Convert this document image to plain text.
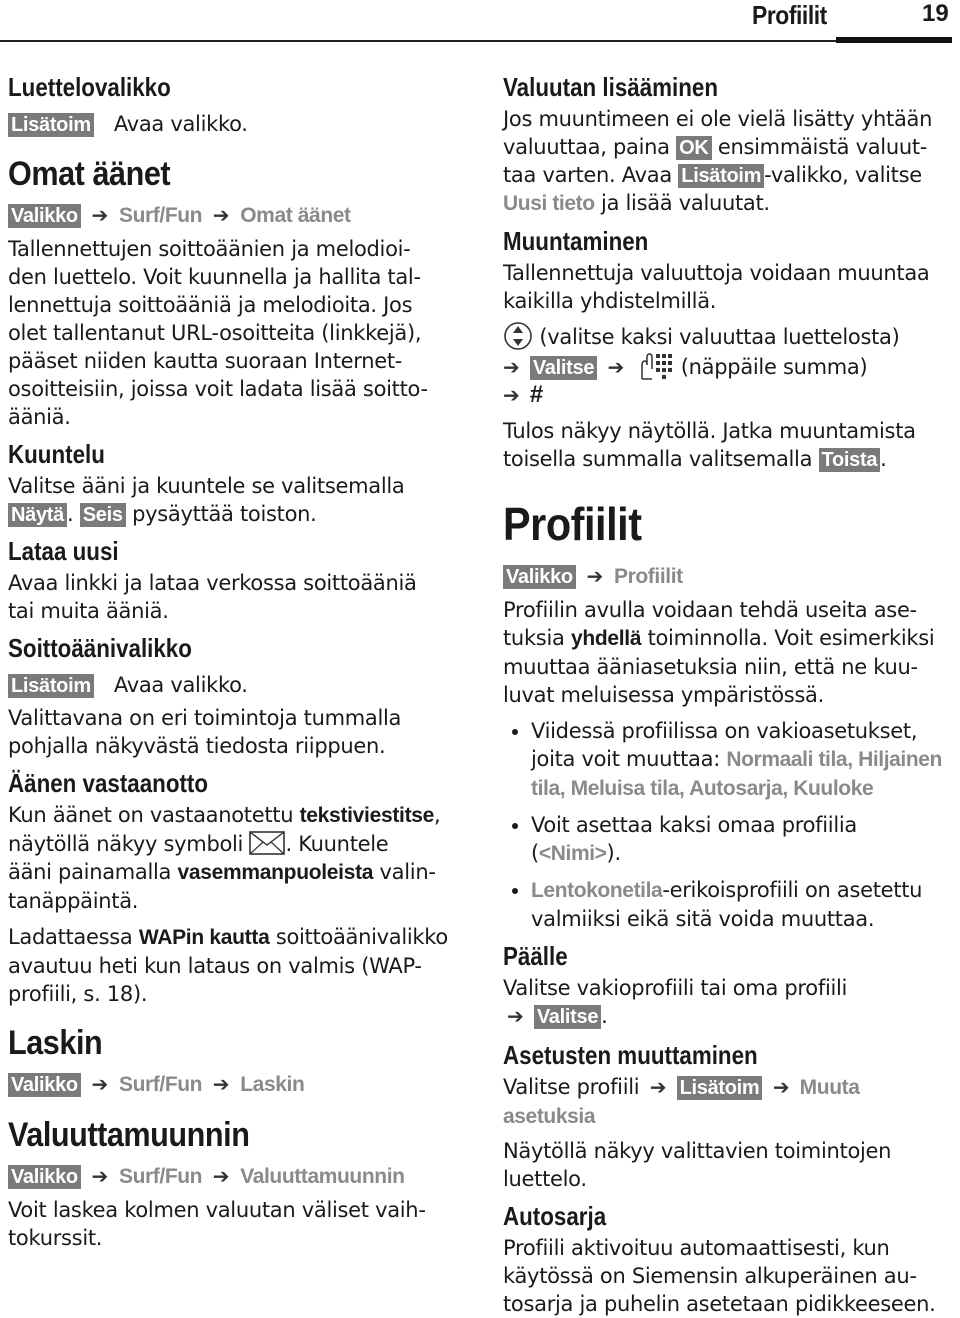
Profiilit	19
Luettelovalikko
Lisätoim Avaa valikko.
Omat äänet
Valikko ➔ Surf/Fun ➔ Omat äänet
Tallennettujen soittoäänien ja melodioi-
den luettelo. Voit kuunnella ja hallita tal-
lennettuja soittoääniä ja melodioita. Jos
olet tallentanut URL-osoitteita (linkkejä),
pääset niiden kautta suoraan Internet-
osoitteisiin, joissa voit ladata lisää soitto-
ääniä.
Kuuntelu
Valitse ääni ja kuuntele se valitsemalla
Näytä . Seis pysäyttää toiston.
Lataa uusi
Avaa linkki ja lataa verkossa soittoääniä
tai muita ääniä.
Soittoäänivalikko
Lisätoim Avaa valikko.
Valittavana on eri toimintoja tummalla
pohjalla näkyvästä tiedosta riippuen.
Äänen vastaanotto
Kun äänet on vastaanotettu tekstiviestitse,
näytöllä näkyy symboli . Kuuntele
ääni painamalla vasemmanpuoleista valin-
tanäppäintä.
Ladattaessa WAPin kautta soittoäänivalikko
avautuu heti kun lataus on valmis (WAP-
profiili, s. 18).
Laskin
Valikko ➔ Surf/Fun ➔ Laskin
Valuuttamuunnin
Valikko ➔ Surf/Fun ➔ Valuuttamuunnin
Voit laskea kolmen valuutan väliset vaih-
tokurssit.
Valuutan lisääminen
Jos muuntimeen ei ole vielä lisätty yhtään
valuuttaa, paina OK ensimmäistä valuut-
taa varten. Avaa Lisätoim -valikko, valitse
Uusi tieto ja lisää valuutat.
Muuntaminen
Tallennettuja valuuttoja voidaan muuntaa
kaikilla yhdistelmillä.
(valitse kaksi valuuttaa luettelosta)
➔ Valitse ➔	(näppäile summa)
➔ #
Tulos näkyy näytöllä. Jatka muuntamista
toisella summalla valitsemalla Toista .
Profiilit
Valikko ➔ Profiilit
Profiilin avulla voidaan tehdä useita ase-
tuksia yhdellä toiminnolla. Voit esimerkiksi
muuttaa ääniasetuksia niin, että ne kuu-
luvat meluisessa ympäristössä.
• Viidessä profiilissa on vakioasetukset,
joita voit muuttaa: Normaali tila, Hiljainen tila, Meluisa tila, Autosarja, Kuuloke
• Voit asettaa kaksi omaa profiilia (<Nimi>).
• Lentokonetila-erikoisprofiili on asetettu valmiiksi eikä sitä voida muuttaa.
Päälle
Valitse vakioprofiili tai oma profiili
➔ Valitse .
Asetusten muuttaminen
Valitse profiili ➔ Lisätoim ➔ Muuta asetuksia
Näytöllä näkyy valittavien toimintojen
luettelo.
Autosarja
Profiili aktivoituu automaattisesti, kun
käytössä on Siemensin alkuperäinen au-
tosarja ja puhelin asetetaan pidikkeeseen.
